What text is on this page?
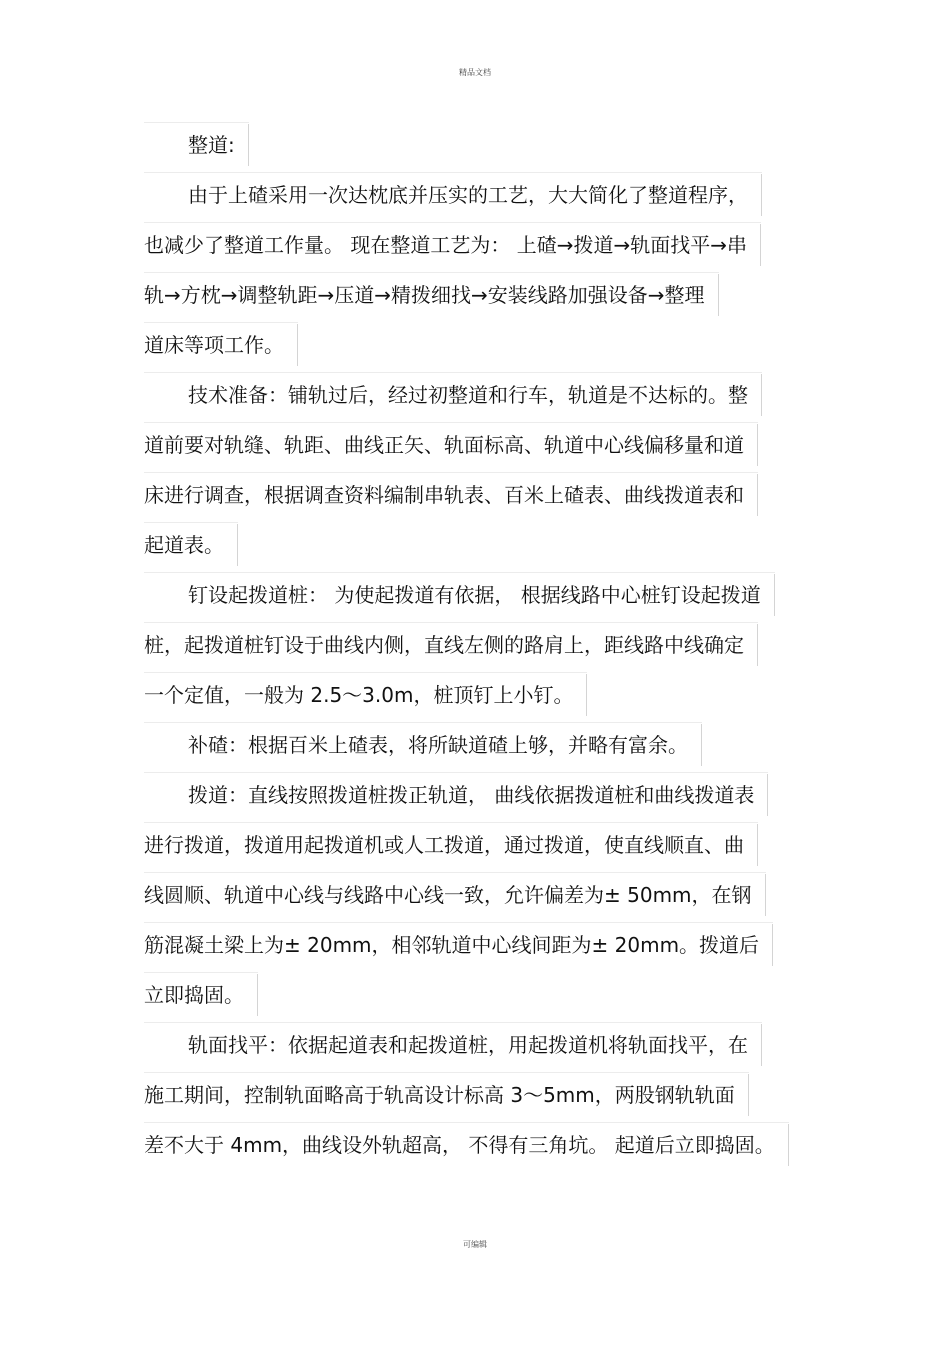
精品文档
整道:
由于上碴采用一次达枕底并压实的工艺，大大简化了整道程序，
也减少了整道工作量。 现在整道工艺为： 上碴→拨道→轨面找平→串
轨→方枕→调整轨距→压道→精拨细找→安装线路加强设备→整理
道床等项工作。
技术准备：铺轨过后，经过初整道和行车，轨道是不达标的。整
道前要对轨缝、轨距、曲线正矢、轨面标高、轨道中心线偏移量和道
床进行调查，根据调查资料编制串轨表、百米上碴表、曲线拨道表和
起道表。
钉设起拨道桩： 为使起拨道有依据， 根据线路中心桩钉设起拨道
桩，起拨道桩钉设于曲线内侧，直线左侧的路肩上，距线路中线确定
一个定值，一般为 2.5～3.0m，桩顶钉上小钉。
补碴：根据百米上碴表，将所缺道碴上够，并略有富余。
拨道：直线按照拨道桩拨正轨道， 曲线依据拨道桩和曲线拨道表
进行拨道，拨道用起拨道机或人工拨道，通过拨道，使直线顺直、曲
线圆顺、轨道中心线与线路中心线一致，允许偏差为± 50mm，在钢
筋混凝土梁上为± 20mm，相邻轨道中心线间距为± 20mm。拨道后
立即捣固。
轨面找平：依据起道表和起拨道桩，用起拨道机将轨面找平，在
施工期间，控制轨面略高于轨高设计标高 3～5mm，两股钢轨轨面
差不大于 4mm，曲线设外轨超高， 不得有三角坑。 起道后立即捣固。
可编辑
